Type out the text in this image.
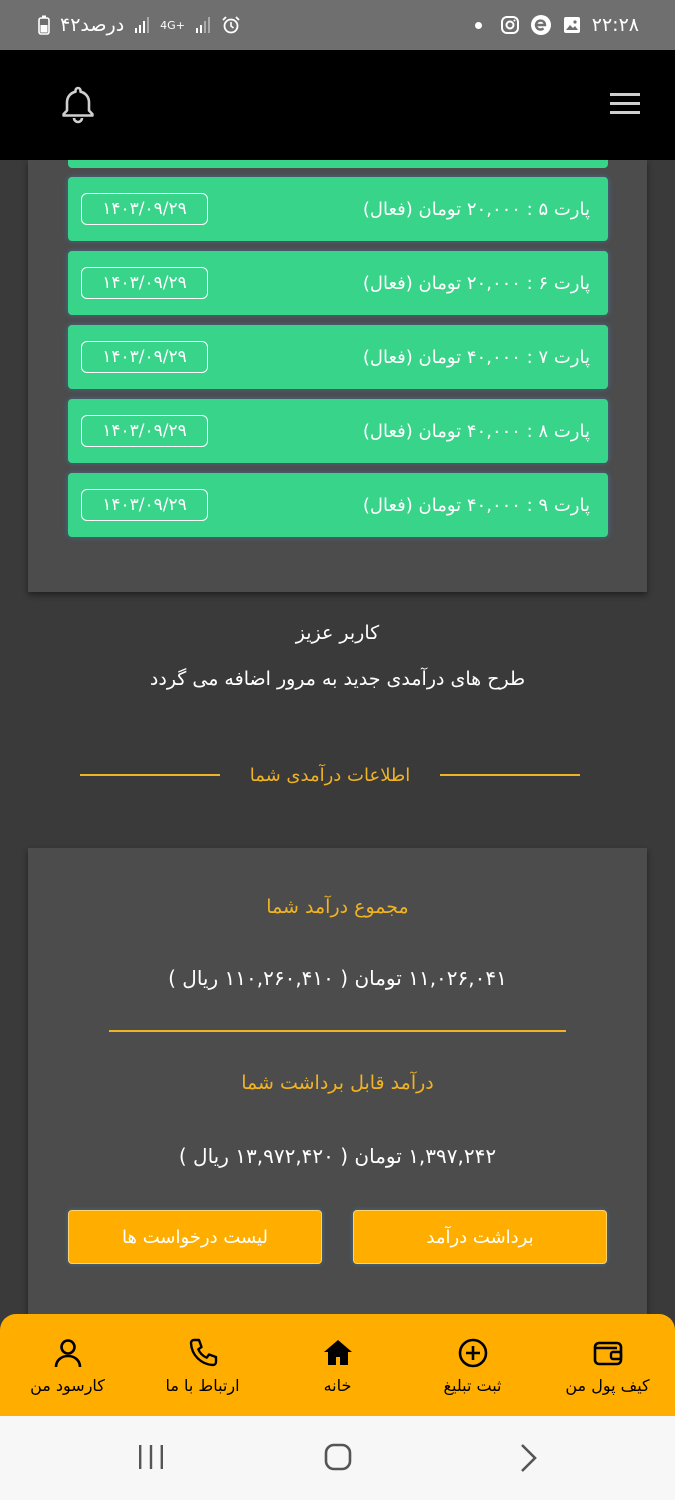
۴۲درصد	4G+	۲۲:۲۸
پارت ۵ : ۲۰,۰۰۰ تومان (فعال)
۱۴۰۳/۰۹/۲۹
پارت ۶ : ۲۰,۰۰۰ تومان (فعال)
۱۴۰۳/۰۹/۲۹
پارت ۷ : ۴۰,۰۰۰ تومان (فعال)
۱۴۰۳/۰۹/۲۹
پارت ۸ : ۴۰,۰۰۰ تومان (فعال)
۱۴۰۳/۰۹/۲۹
پارت ۹ : ۴۰,۰۰۰ تومان (فعال)
۱۴۰۳/۰۹/۲۹
کاربر عزیز
طرح های درآمدی جدید به مرور اضافه می گردد
اطلاعات درآمدی شما
مجموع درآمد شما
۱۱,۰۲۶,۰۴۱ تومان ( ۱۱۰,۲۶۰,۴۱۰ ریال )
درآمد قابل برداشت شما
۱,۳۹۷,۲۴۲ تومان ( ۱۳,۹۷۲,۴۲۰ ریال )
برداشت درآمد
لیست درخواست ها
کیف پول من
ثبت تبلیغ
خانه
ارتباط با ما
کارسود من
